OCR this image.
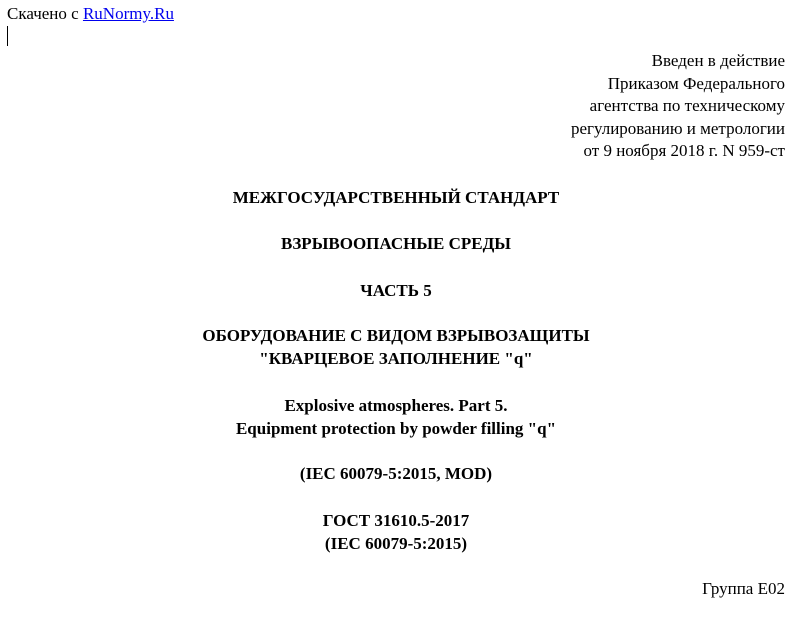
Скачено с RuNormy.Ru
Введен в действие
Приказом Федерального
агентства по техническому
регулированию и метрологии
от 9 ноября 2018 г. N 959-ст
МЕЖГОСУДАРСТВЕННЫЙ СТАНДАРТ
ВЗРЫВООПАСНЫЕ СРЕДЫ
ЧАСТЬ 5
ОБОРУДОВАНИЕ С ВИДОМ ВЗРЫВОЗАЩИТЫ
"КВАРЦЕВОЕ ЗАПОЛНЕНИЕ "q"
Explosive atmospheres. Part 5.
Equipment protection by powder filling "q"
(IEC 60079-5:2015, MOD)
ГОСТ 31610.5-2017
(IEC 60079-5:2015)
Группа Е02
